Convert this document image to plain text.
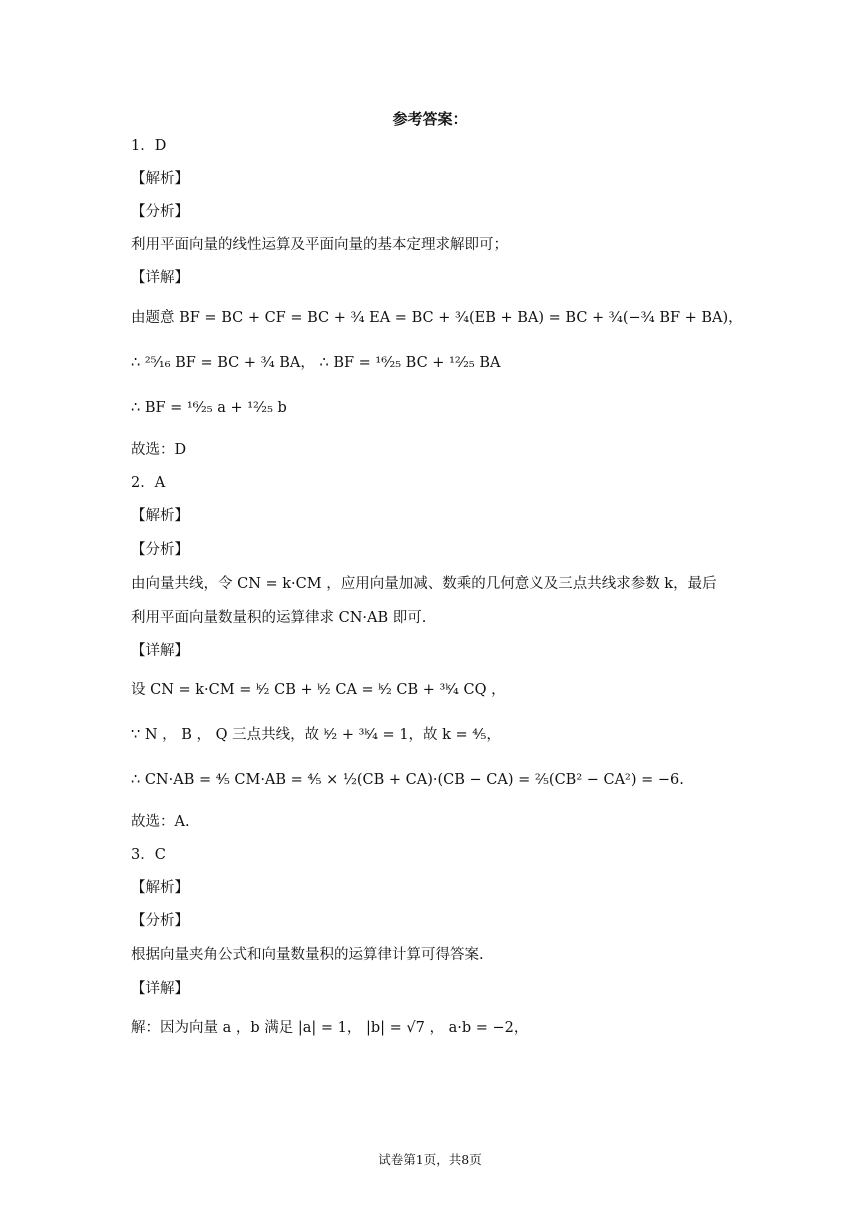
参考答案：
1．D
【解析】
【分析】
利用平面向量的线性运算及平面向量的基本定理求解即可；
【详解】
由题意 BF = BC + CF = BC + ³⁄₄ EA = BC + ³⁄₄(EB + BA) = BC + ³⁄₄(−³⁄₄ BF + BA)，
∴ ²⁵⁄₁₆ BF = BC + ³⁄₄ BA， ∴ BF = ¹⁶⁄₂₅ BC + ¹²⁄₂₅ BA
∴ BF = ¹⁶⁄₂₅ a + ¹²⁄₂₅ b
故选：D
2．A
【解析】
【分析】
由向量共线，令 CN = k·CM ，应用向量加减、数乘的几何意义及三点共线求参数 k，最后
利用平面向量数量积的运算律求 CN·AB 即可.
【详解】
设 CN = k·CM = ᵏ⁄₂ CB + ᵏ⁄₂ CA = ᵏ⁄₂ CB + ³ᵏ⁄₄ CQ ，
∵ N ， B ， Q 三点共线，故 ᵏ⁄₂ + ³ᵏ⁄₄ = 1，故 k = ⁴⁄₅，
∴ CN·AB = ⁴⁄₅ CM·AB = ⁴⁄₅ × ½(CB + CA)·(CB − CA) = ²⁄₅(CB² − CA²) = −6.
故选：A.
3．C
【解析】
【分析】
根据向量夹角公式和向量数量积的运算律计算可得答案.
【详解】
解：因为向量 a ，b 满足 |a| = 1， |b| = √7 ， a·b = −2，
试卷第1页，共8页
